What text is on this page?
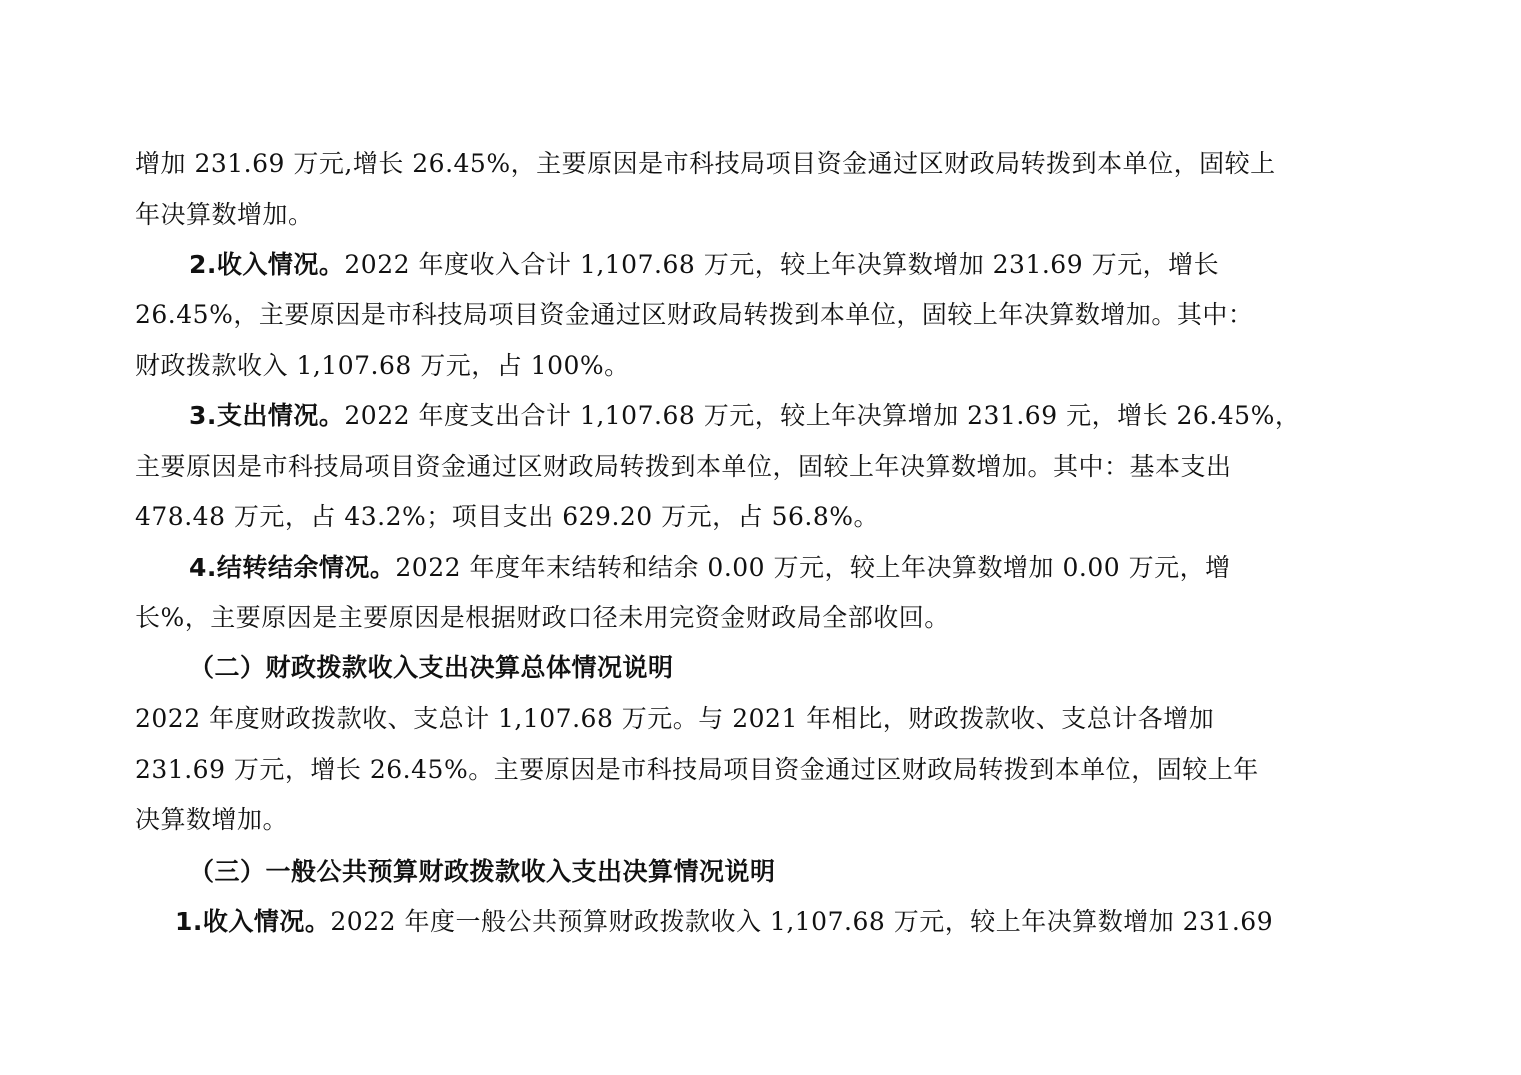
增加 231.69 万元,增长 26.45%，主要原因是市科技局项目资金通过区财政局转拨到本单位，固较上
年决算数增加。
2.收入情况。2022 年度收入合计 1,107.68 万元，较上年决算数增加 231.69 万元，增长
26.45%，主要原因是市科技局项目资金通过区财政局转拨到本单位，固较上年决算数增加。其中：
财政拨款收入 1,107.68 万元，占 100%。
3.支出情况。2022 年度支出合计 1,107.68 万元，较上年决算增加 231.69 元，增长 26.45%，
主要原因是市科技局项目资金通过区财政局转拨到本单位，固较上年决算数增加。其中：基本支出
478.48 万元，占 43.2%；项目支出 629.20 万元，占 56.8%。
4.结转结余情况。2022 年度年末结转和结余 0.00 万元，较上年决算数增加 0.00 万元，增
长%，主要原因是主要原因是根据财政口径未用完资金财政局全部收回。
（二）财政拨款收入支出决算总体情况说明
2022 年度财政拨款收、支总计 1,107.68 万元。与 2021 年相比，财政拨款收、支总计各增加
231.69 万元，增长 26.45%。主要原因是市科技局项目资金通过区财政局转拨到本单位，固较上年
决算数增加。
（三）一般公共预算财政拨款收入支出决算情况说明
1.收入情况。2022 年度一般公共预算财政拨款收入 1,107.68 万元，较上年决算数增加 231.69
